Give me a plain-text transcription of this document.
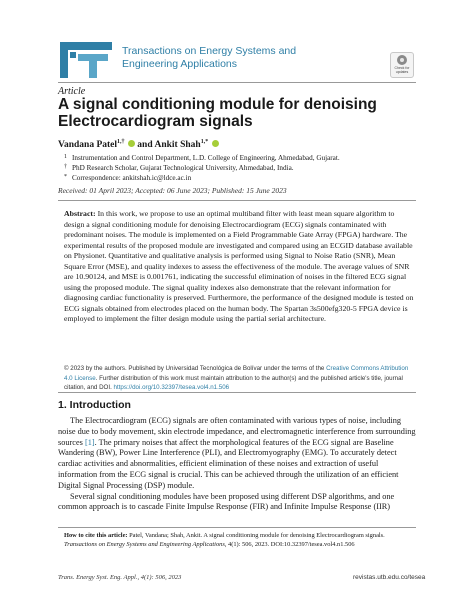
Transactions on Energy Systems and
Engineering Applications	Check for
updates
Article
A signal conditioning module for denoising
Electrocardiogram signals
Vandana Patel$^{1,\dagger}$  and Ankit Shah$^{1,*}$
1 Instrumentation and Control Department, L.D. College of Engineering, Ahmedabad, Gujarat.
† PhD Research Scholar, Gujarat Technological University, Ahmedabad, India.
* Correspondence: ankitshah.ic@ldce.ac.in
Received: 01 April 2023; Accepted: 06 June 2023; Published: 15 June 2023
Abstract: In this work, we propose to use an optimal multiband filter with least mean square algorithm to design a signal conditioning module for denoising Electrocardiogram (ECG) signals contaminated with predominant noises. The module is implemented on a Field Programmable Gate Array (FPGA) hardware. The experimental results of the proposed module are investigated and compared using an ECGID database available on Physionet. Quantitative and qualitative analysis is performed using Signal to Noise Ratio (SNR), Mean Square Error (MSE), and quality indexes to assess the effectiveness of the module. The average values of SNR are 10.90124, and MSE is 0.001761, indicating the successful elimination of noises in the filtered ECG signal using the proposed module. The signal quality indexes also demonstrate that the relevant information for diagnosing cardiac functionality is preserved. Furthermore, the performance of the designed module is tested on ECG signals obtained from electrodes placed on the human body. The Spartan 3s500efg320-5 FPGA device is employed to implement the filter design module using the partial serial architecture.
© 2023 by the authors. Published by Universidad Tecnológica de Bolívar under the terms of the Creative Commons Attribution 4.0 License. Further distribution of this work must maintain attribution to the author(s) and the published article's title, journal citation, and DOI. https://doi.org/10.32397/tesea.vol4.n1.506
1. Introduction

The Electrocardiogram (ECG) signals are often contaminated with various types of noise, including noise due to body movement, skin electrode impedance, and electromagnetic interference from surrounding sources [1]. The primary noises that affect the morphological features of the ECG signal are Baseline Wandering (BW), Power Line Interference (PLI), and Electromyography (EMG). To accurately detect cardiac activities and abnormalities, efficient elimination of these noises and extraction of useful information from the ECG signal is crucial. This can be achieved through the utilization of an efficient Digital Signal Processing (DSP) module.

Several signal conditioning modules have been proposed using different DSP algorithms, and one common approach is to cascade Finite Impulse Response (FIR) and Infinite Impulse Response (IIR)

How to cite this article: Patel, Vandana; Shah, Ankit. A signal conditioning module for denoising Electrocardiogram signals. Transactions on Energy Systems and Engineering Applications, 4(1): 506, 2023. DOI:10.32397/tesea.vol4.n1.506
Trans. Energy Syst. Eng. Appl., 4(1): 506, 2023	revistas.utb.edu.co/tesea
